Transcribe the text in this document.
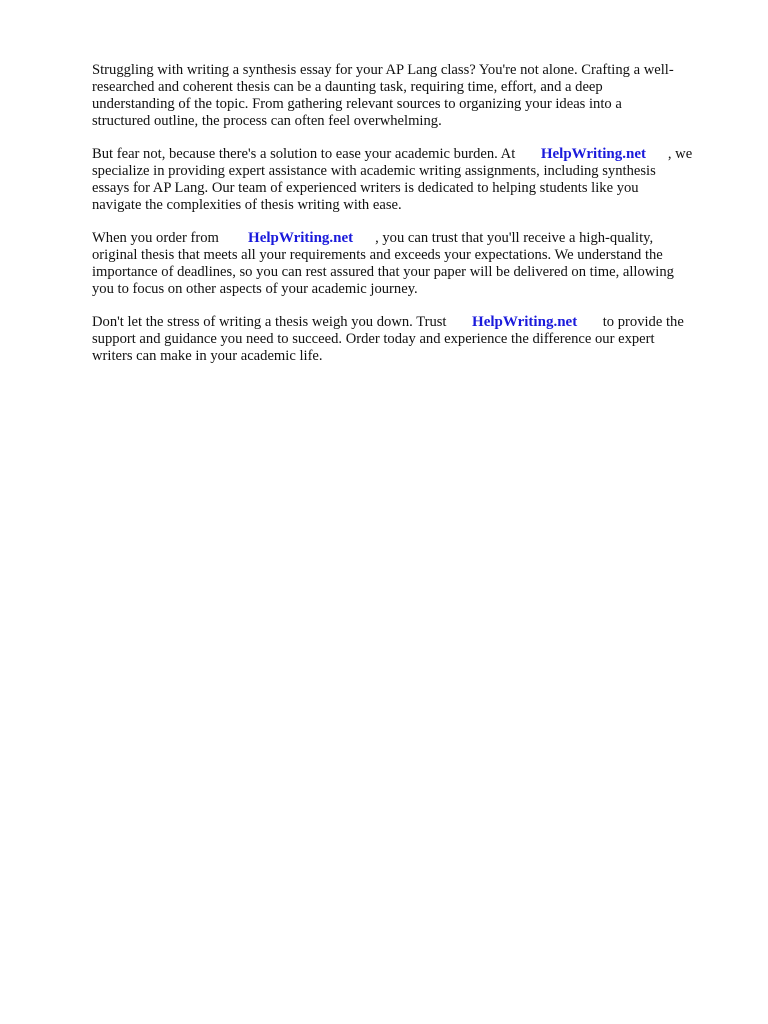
Struggling with writing a synthesis essay for your AP Lang class? You're not alone. Crafting a well-
researched and coherent thesis can be a daunting task, requiring time, effort, and a deep
understanding of the topic. From gathering relevant sources to organizing your ideas into a
structured outline, the process can often feel overwhelming.
But fear not, because there's a solution to ease your academic burden. At HelpWriting.net , we
specialize in providing expert assistance with academic writing assignments, including synthesis
essays for AP Lang. Our team of experienced writers is dedicated to helping students like you
navigate the complexities of thesis writing with ease.
When you order from HelpWriting.net , you can trust that you'll receive a high-quality,
original thesis that meets all your requirements and exceeds your expectations. We understand the
importance of deadlines, so you can rest assured that your paper will be delivered on time, allowing
you to focus on other aspects of your academic journey.
Don't let the stress of writing a thesis weigh you down. Trust HelpWriting.net to provide the
support and guidance you need to succeed. Order today and experience the difference our expert
writers can make in your academic life.
